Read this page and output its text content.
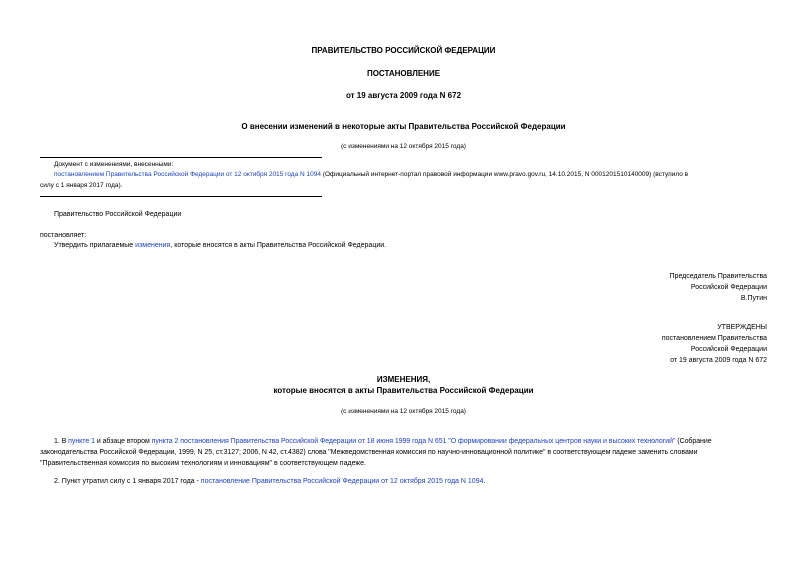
ПРАВИТЕЛЬСТВО РОССИЙСКОЙ ФЕДЕРАЦИИ
ПОСТАНОВЛЕНИЕ
от 19 августа 2009 года N 672
О внесении изменений в некоторые акты Правительства Российской Федерации
(с изменениями на 12 октября 2015 года)
Документ с изменениями, внесенными:
постановлением Правительства Российской Федерации от 12 октября 2015 года N 1094 (Официальный интернет-портал правовой информации www.pravo.gov.ru, 14.10.2015, N 0001201510140009) (вступило в
силу с 1 января 2017 года).
Правительство Российской Федерации
постановляет:
Утвердить прилагаемые изменения, которые вносятся в акты Правительства Российской Федерации.
Председатель Правительства
Российской Федерации
В.Путин
УТВЕРЖДЕНЫ
постановлением Правительства
Российской Федерации
от 19 августа 2009 года N 672
ИЗМЕНЕНИЯ,
которые вносятся в акты Правительства Российской Федерации
(с изменениями на 12 октября 2015 года)
1. В пункте 1 и абзаце втором пункта 2 постановления Правительства Российской Федерации от 18 июня 1999 года N 651 "О формировании федеральных центров науки и высоких технологий" (Собрание
законодательства Российской Федерации, 1999, N 25, ст.3127; 2006, N 42, ст.4382) слова "Межведомственная комиссия по научно-инновационной политике" в соответствующем падеже заменить словами
"Правительственная комиссия по высоким технологиям и инновациям" в соответствующем падеже.
2. Пункт утратил силу с 1 января 2017 года - постановление Правительства Российской Федерации от 12 октября 2015 года N 1094.
